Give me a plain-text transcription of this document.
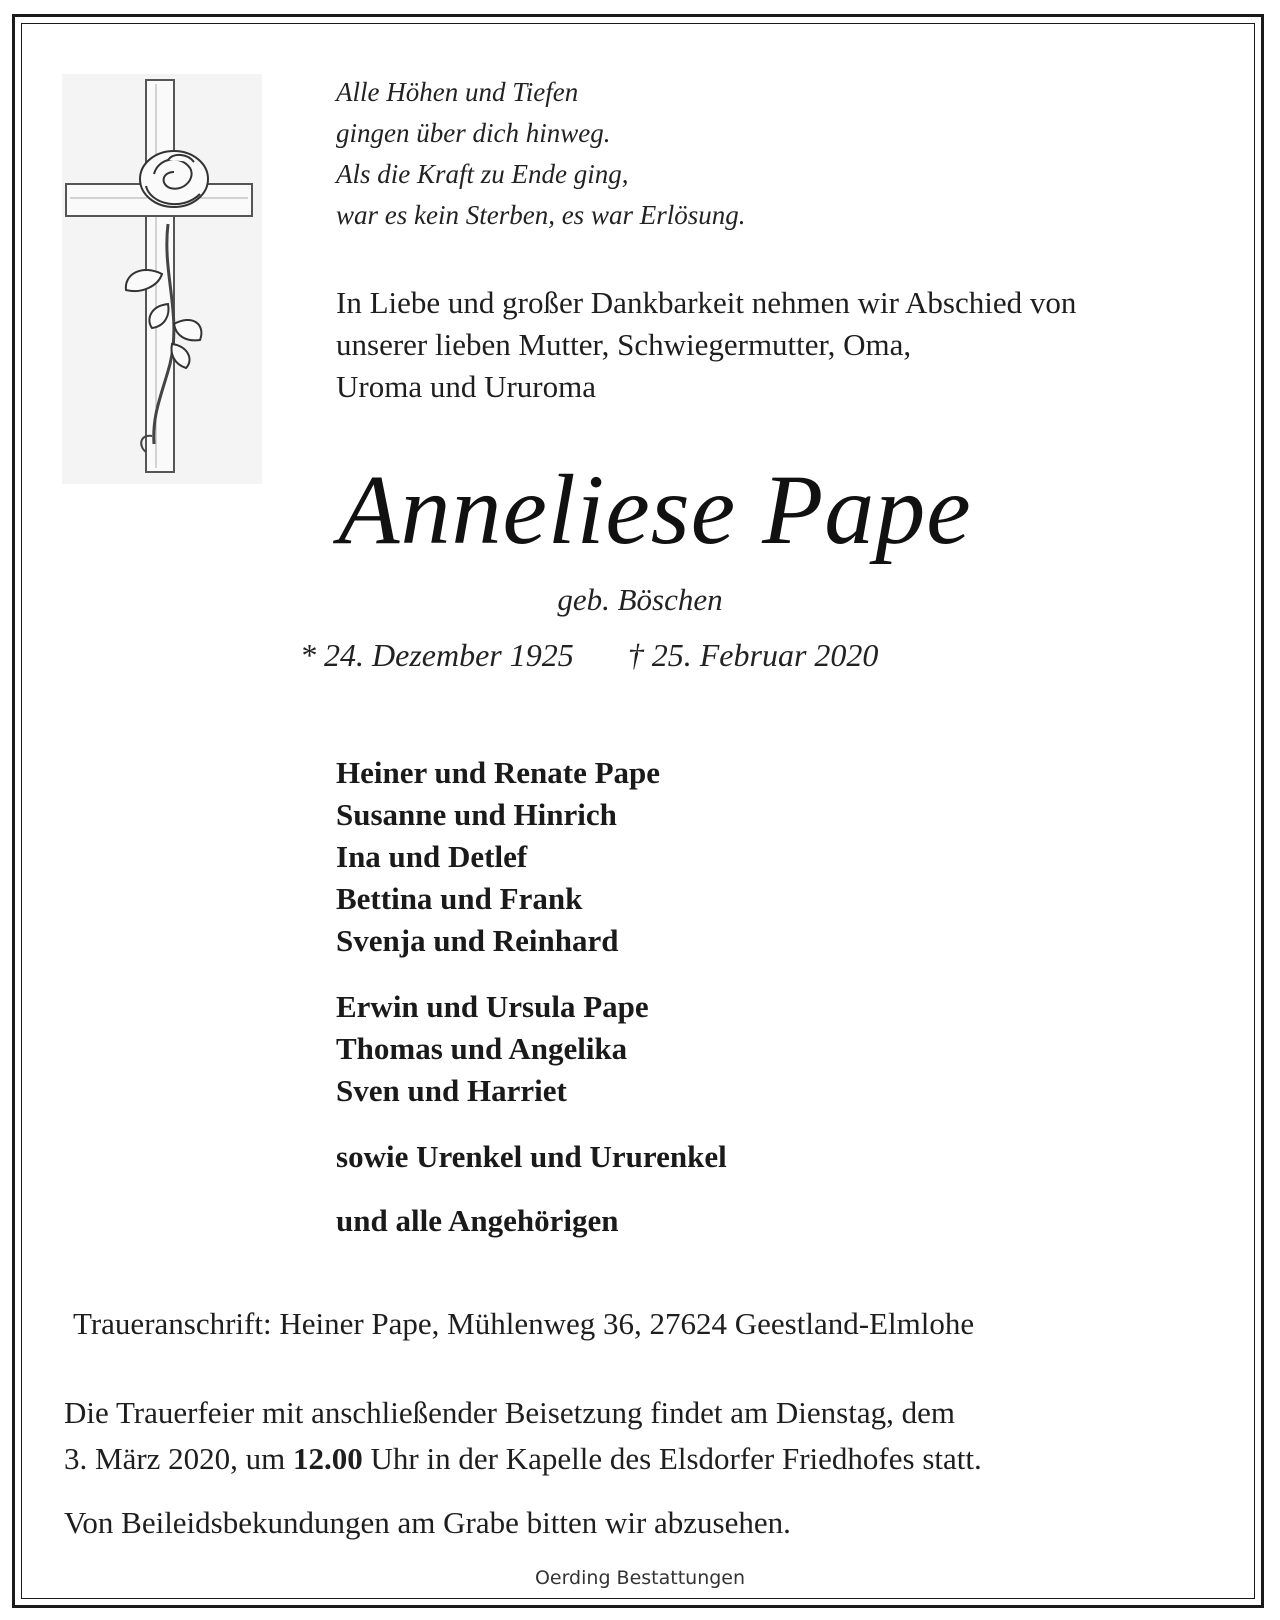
Alle Höhen und Tiefen
gingen über dich hinweg.
Als die Kraft zu Ende ging,
war es kein Sterben, es war Erlösung.
In Liebe und großer Dankbarkeit nehmen wir Abschied von
unserer lieben Mutter, Schwiegermutter, Oma,
Uroma und Ururoma
Anneliese Pape
geb. Böschen
* 24. Dezember 1925 † 25. Februar 2020
Heiner und Renate Pape
Susanne und Hinrich
Ina und Detlef
Bettina und Frank
Svenja und Reinhard
Erwin und Ursula Pape
Thomas und Angelika
Sven und Harriet
sowie Urenkel und Ururenkel
und alle Angehörigen
Traueranschrift: Heiner Pape, Mühlenweg 36, 27624 Geestland-Elmlohe
Die Trauerfeier mit anschließender Beisetzung findet am Dienstag, dem
3. März 2020, um 12.00 Uhr in der Kapelle des Elsdorfer Friedhofes statt.
Von Beileidsbekundungen am Grabe bitten wir abzusehen.
Oerding Bestattungen
